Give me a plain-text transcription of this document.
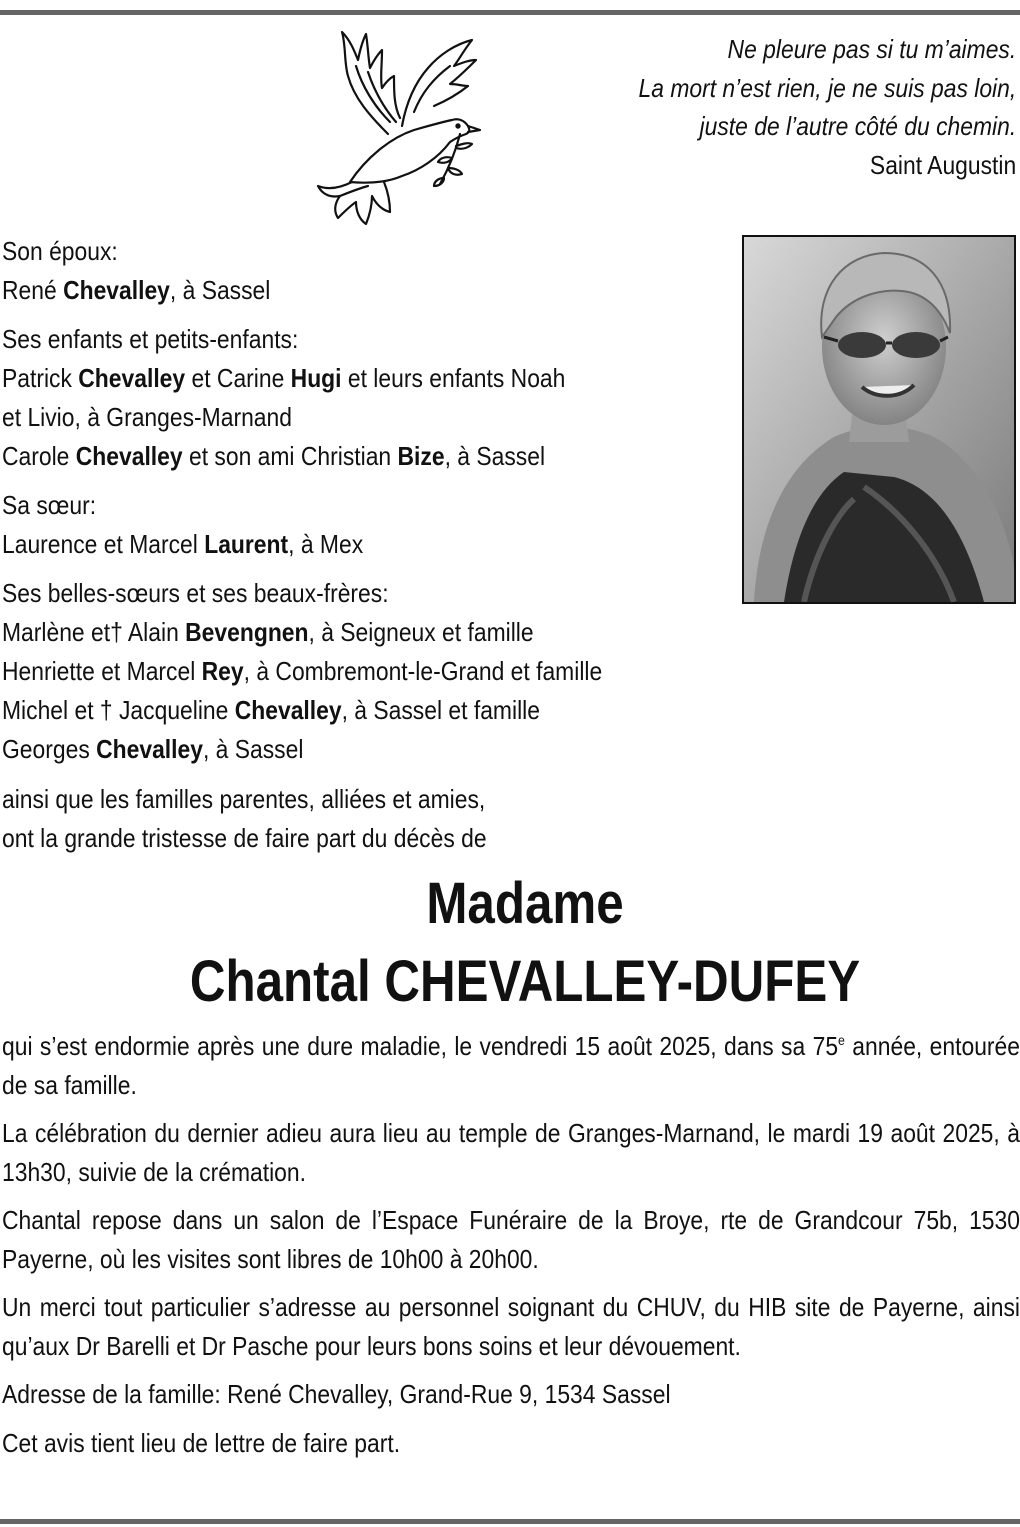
Ne pleure pas si tu m’aimes.
La mort n’est rien, je ne suis pas loin,
juste de l’autre côté du chemin.
Saint Augustin
Son époux:
René Chevalley, à Sassel
Ses enfants et petits-enfants:
Patrick Chevalley et Carine Hugi et leurs enfants Noah
et Livio, à Granges-Marnand
Carole Chevalley et son ami Christian Bize, à Sassel
Sa sœur:
Laurence et Marcel Laurent, à Mex
Ses belles-sœurs et ses beaux-frères:
Marlène et† Alain Bevengnen, à Seigneux et famille
Henriette et Marcel Rey, à Combremont-le-Grand et famille
Michel et † Jacqueline Chevalley, à Sassel et famille
Georges Chevalley, à Sassel
ainsi que les familles parentes, alliées et amies,
ont la grande tristesse de faire part du décès de
Madame
Chantal CHEVALLEY-DUFEY

qui s’est endormie après une dure maladie, le vendredi 15 août 2025, dans sa 75e année, entourée de sa famille.

La célébration du dernier adieu aura lieu au temple de Granges-Marnand, le mardi 19 août 2025, à 13h30, suivie de la crémation.

Chantal repose dans un salon de l’Espace Funéraire de la Broye, rte de Grandcour 75b, 1530 Payerne, où les visites sont libres de 10h00 à 20h00.

Un merci tout particulier s’adresse au personnel soignant du CHUV, du HIB site de Payerne, ainsi qu’aux Dr Barelli et Dr Pasche pour leurs bons soins et leur dévouement.

Adresse de la famille: René Chevalley, Grand-Rue 9, 1534 Sassel

Cet avis tient lieu de lettre de faire part.
